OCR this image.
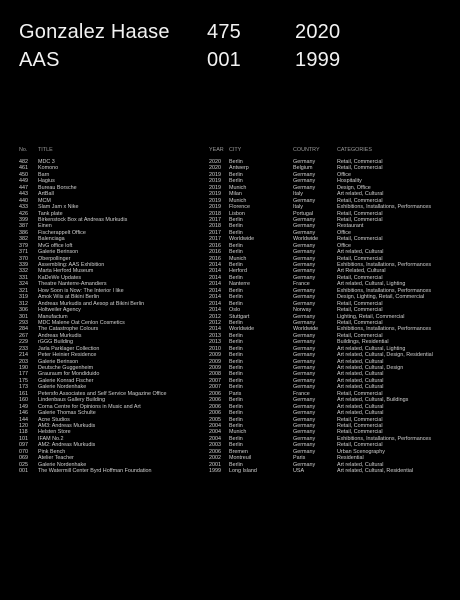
Gonzalez Haase 475	2020
AAS	001	1999
No.	TITLE	YEAR CITY	COUNTRY	CATEGORIES
482	MDC 3	2020	Berlin	Germany	Retail, Commercial
461	Komono	2020	Antwerp	Belgium	Retail, Commercial
450	Barn	2019	Berlin	Germany	Office
449	Hagius	2019	Berlin	Germany	Hospitality
447	Bureau Borsche	2019	Munich	Germany	Design, Office
443	ArtBall	2019	Milan	Italy	Art related, Cultural
440	MCM	2019	Munich	Germany	Retail, Commercial
433	Slam Jam x Nike	2019	Florence	Italy	Exhibitions, Installations, Performances
426	Tank plate	2018	Lisbon	Portugal	Retail, Commercial
399	Birkenstock Box at Andreas Murkudis	2017	Berlin	Germany	Retail, Commercial
387	Einen	2018	Berlin	Germany	Restaurant
386	Fischerappelt Office	2017	Berlin	Germany	Office
382	Balenciaga	2017	Worldwide	Worldwide	Retail, Commercial
379	MvG office loft	2016	Berlin	Germany	Office
371	Galerie Berinson	2016	Berlin	Germany	Art related, Cultural
370	Oberpollinger	2016	Munich	Germany	Retail, Commercial
339	Assembling: AAS Exhibition	2014	Berlin	Germany	Exhibitions, Installations, Performances
332	Marta Herford Museum	2014	Herford	Germany	Art Related, Cultural
331	KaDeWe Updates	2014	Berlin	Germany	Retail, Commercial
324	Theatre Nanterre-Amandiers	2014	Nanterre	France	Art related, Cultural, Lighting
321	How Soon is Now: The Interior I like	2014	Berlin	Germany	Exhibitions, Installations, Performances
319	Amok Wiis at Bikini Berlin	2014	Berlin	Germany	Design, Lighting, Retail, Commercial
312	Andreas Murkudis and Aesop at Bikini Berlin	2014	Berlin	Germany	Retail, Commercial
306	Holtweiler Agency	2014	Oslo	Norway	Retail, Commercial
301	Manufactum	2012	Stuttgart	Germany	Lighting, Retail, Commercial
293	MDC Malene Oat Cenlon Cosmetics	2012	Berlin	Germany	Retail, Commercial
284	The Catastrophe Colours	2014	Worldwide	Worldwide	Exhibitions, Installations, Performances
267	Andreas Murkudis	2013	Berlin	Germany	Retail, Commercial
229	rGGG Building	2013	Berlin	Germany	Buildings, Residential
233	Jarla Parklager Collection	2010	Berlin	Germany	Art related, Cultural, Lighting
214	Peter Heinier Residence	2009	Berlin	Germany	Art related, Cultural, Design, Residential
203	Galerie Berinson	2009	Berlin	Germany	Art related, Cultural
190	Deutsche Guggenheim	2009	Berlin	Germany	Art related, Cultural, Design
177	Grauraum for Mondiduido	2008	Berlin	Germany	Art related, Cultural
175	Galerie Konrad Fischer	2007	Berlin	Germany	Art related, Cultural
173	Galerie Nordenhake	2007	Berlin	Germany	Art related, Cultural
161	Petersfo Associates and Self Service Magazine Office	2006	Paris	France	Retail, Commercial
160	Lindenbaus Gallery Building	2006	Berlin	Germany	Art related, Cultural, Buildings
149	Corna Centre for Opinions in Music and Art	2006	Berlin	Germany	Art related, Cultural
146	Galerie Thomas Schulte	2006	Berlin	Germany	Art related, Cultural
144	Acne Studios	2005	Berlin	Germany	Retail, Commercial
120	AM3: Andreas Murkudis	2004	Berlin	Germany	Retail, Commercial
118	Helsten Store	2004	Munich	Germany	Retail, Commercial
101	IFAM No.2	2004	Berlin	Germany	Exhibitions, Installations, Performances
097	AM2: Andreas Murkudis	2003	Berlin	Germany	Retail, Commercial
070	Pink Bench	2006	Bremen	Germany	Urban Scenography
069	Atelier Teacher	2002	Montreuil	Paris	Residential
025	Galerie Nordenhake	2001	Berlin	Germany	Art related, Cultural
001	The Watermill Center Byrd Hoffman Foundation	1999	Long Island	USA	Art related, Cultural, Residential
